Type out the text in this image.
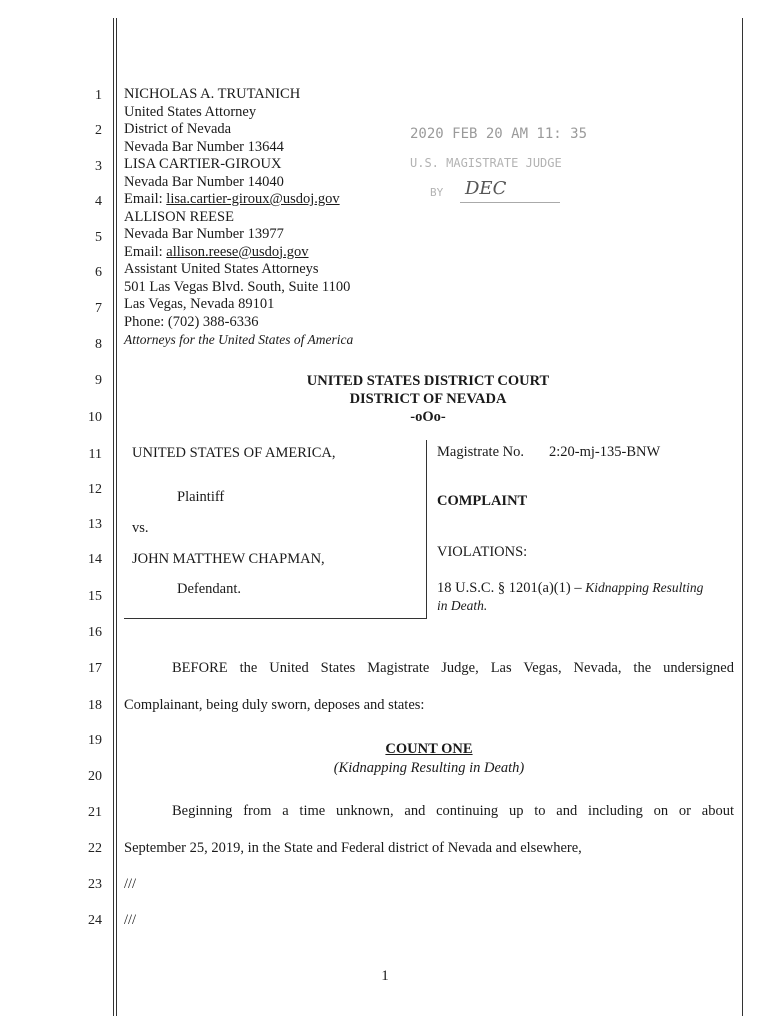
1
2
3
4
5
6
7
8
9
10
11
12
13
14
15
16
17
18
19
20
21
22
23
24
NICHOLAS A. TRUTANICH
United States Attorney
District of Nevada
Nevada Bar Number 13644
LISA CARTIER-GIROUX
Nevada Bar Number 14040
Email: lisa.cartier-giroux@usdoj.gov
ALLISON REESE
Nevada Bar Number 13977
Email: allison.reese@usdoj.gov
Assistant United States Attorneys
501 Las Vegas Blvd. South, Suite 1100
Las Vegas, Nevada 89101
Phone: (702) 388-6336
Attorneys for the United States of America
2020 FEB 20 AM 11: 35
U.S. MAGISTRATE JUDGE
BY DEC
UNITED STATES DISTRICT COURT
DISTRICT OF NEVADA
-oOo-
UNITED STATES OF AMERICA,
Plaintiff
vs.
JOHN MATTHEW CHAPMAN,
Defendant.
Magistrate No. 2:20-mj-135-BNW
COMPLAINT
VIOLATIONS:
18 U.S.C. § 1201(a)(1) – Kidnapping Resulting
in Death.
BEFORE the United States Magistrate Judge, Las Vegas, Nevada, the undersigned
Complainant, being duly sworn, deposes and states:
COUNT ONE
(Kidnapping Resulting in Death)
Beginning from a time unknown, and continuing up to and including on or about
September 25, 2019, in the State and Federal district of Nevada and elsewhere,
///
///
1
